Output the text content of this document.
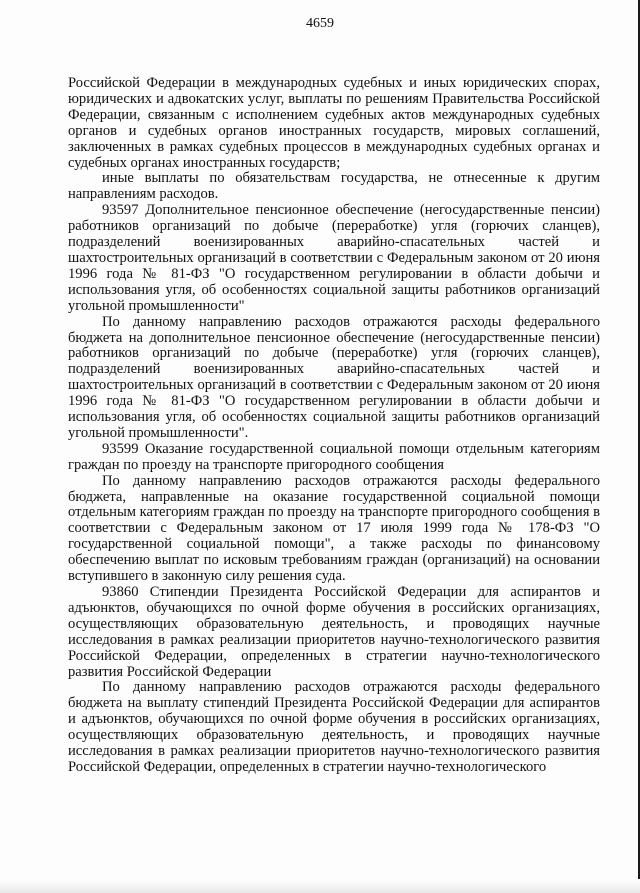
4659

Российской Федерации в международных судебных и иных юридических спорах, юридических и адвокатских услуг, выплаты по решениям Правительства Российской Федерации, связанным с исполнением судебных актов международных судебных органов и судебных органов иностранных государств, мировых соглашений, заключенных в рамках судебных процессов в международных судебных органах и судебных органах иностранных государств;

иные выплаты по обязательствам государства, не отнесенные к другим направлениям расходов.

93597 Дополнительное пенсионное обеспечение (негосударственные пенсии) работников организаций по добыче (переработке) угля (горючих сланцев), подразделений военизированных аварийно-спасательных частей и шахтостроительных организаций в соответствии с Федеральным законом от 20 июня 1996 года № 81-ФЗ "О государственном регулировании в области добычи и использования угля, об особенностях социальной защиты работников организаций угольной промышленности"

По данному направлению расходов отражаются расходы федерального бюджета на дополнительное пенсионное обеспечение (негосударственные пенсии) работников организаций по добыче (переработке) угля (горючих сланцев), подразделений военизированных аварийно-спасательных частей и шахтостроительных организаций в соответствии с Федеральным законом от 20 июня 1996 года № 81-ФЗ "О государственном регулировании в области добычи и использования угля, об особенностях социальной защиты работников организаций угольной промышленности".

93599 Оказание государственной социальной помощи отдельным категориям граждан по проезду на транспорте пригородного сообщения

По данному направлению расходов отражаются расходы федерального бюджета, направленные на оказание государственной социальной помощи отдельным категориям граждан по проезду на транспорте пригородного сообщения в соответствии с Федеральным законом от 17 июля 1999 года № 178-ФЗ "О государственной социальной помощи", а также расходы по финансовому обеспечению выплат по исковым требованиям граждан (организаций) на основании вступившего в законную силу решения суда.

93860 Стипендии Президента Российской Федерации для аспирантов и адъюнктов, обучающихся по очной форме обучения в российских организациях, осуществляющих образовательную деятельность, и проводящих научные исследования в рамках реализации приоритетов научно-технологического развития Российской Федерации, определенных в стратегии научно-технологического развития Российской Федерации

По данному направлению расходов отражаются расходы федерального бюджета на выплату стипендий Президента Российской Федерации для аспирантов и адъюнктов, обучающихся по очной форме обучения в российских организациях, осуществляющих образовательную деятельность, и проводящих научные исследования в рамках реализации приоритетов научно-технологического развития Российской Федерации, определенных в стратегии научно-технологического
